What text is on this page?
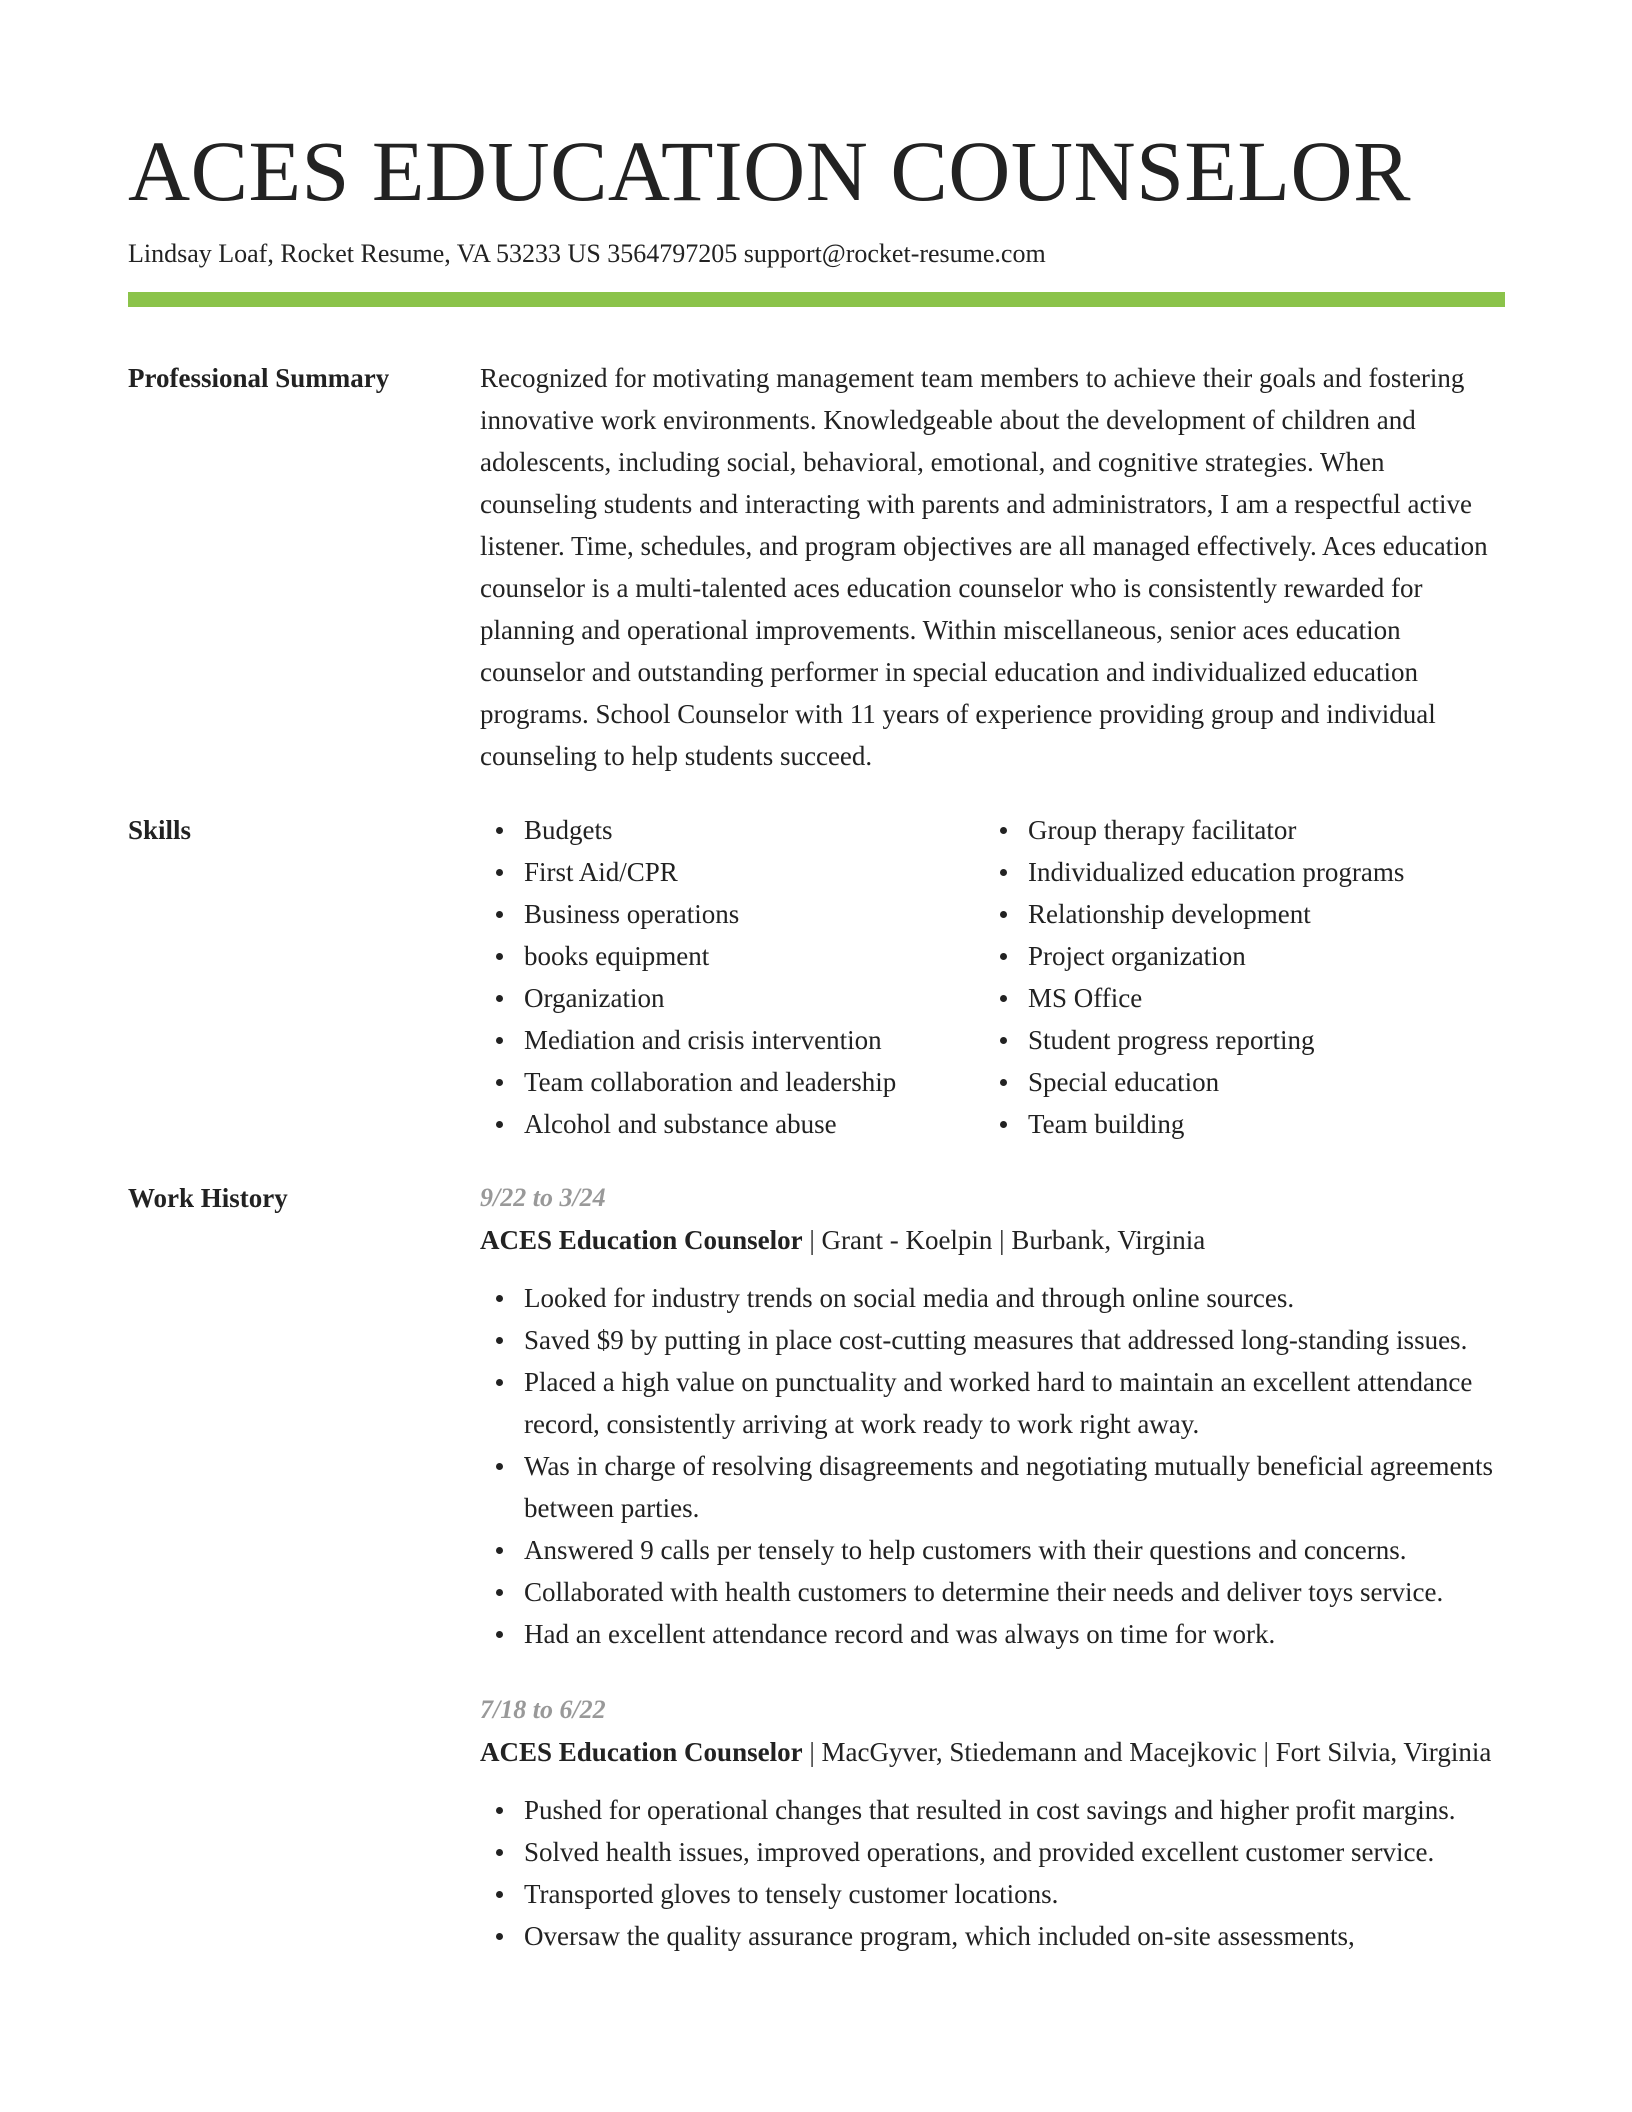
ACES EDUCATION COUNSELOR
Lindsay Loaf, Rocket Resume, VA 53233 US 3564797205 support@rocket-resume.com
Professional Summary	Recognized for motivating management team members to achieve their goals and fostering innovative work environments. Knowledgeable about the development of children and adolescents, including social, behavioral, emotional, and cognitive strategies. When counseling students and interacting with parents and administrators, I am a respectful active listener. Time, schedules, and program objectives are all managed effectively. Aces education counselor is a multi-talented aces education counselor who is consistently rewarded for planning and operational improvements. Within miscellaneous, senior aces education counselor and outstanding performer in special education and individualized education programs. School Counselor with 11 years of experience providing group and individual counseling to help students succeed.
Skills	Budgets
First Aid/CPR
Business operations
books equipment
Organization
Mediation and crisis intervention
Team collaboration and leadership
Alcohol and substance abuse
Group therapy facilitator
Individualized education programs
Relationship development
Project organization
MS Office
Student progress reporting
Special education
Team building
Work History	9/22 to 3/24
ACES Education Counselor | Grant - Koelpin | Burbank, Virginia
Looked for industry trends on social media and through online sources.
Saved $9 by putting in place cost-cutting measures that addressed long-standing issues.
Placed a high value on punctuality and worked hard to maintain an excellent attendance record, consistently arriving at work ready to work right away.
Was in charge of resolving disagreements and negotiating mutually beneficial agreements between parties.
Answered 9 calls per tensely to help customers with their questions and concerns.
Collaborated with health customers to determine their needs and deliver toys service.
Had an excellent attendance record and was always on time for work.
7/18 to 6/22
ACES Education Counselor | MacGyver, Stiedemann and Macejkovic | Fort Silvia, Virginia
Pushed for operational changes that resulted in cost savings and higher profit margins.
Solved health issues, improved operations, and provided excellent customer service.
Transported gloves to tensely customer locations.
Oversaw the quality assurance program, which included on-site assessments,
